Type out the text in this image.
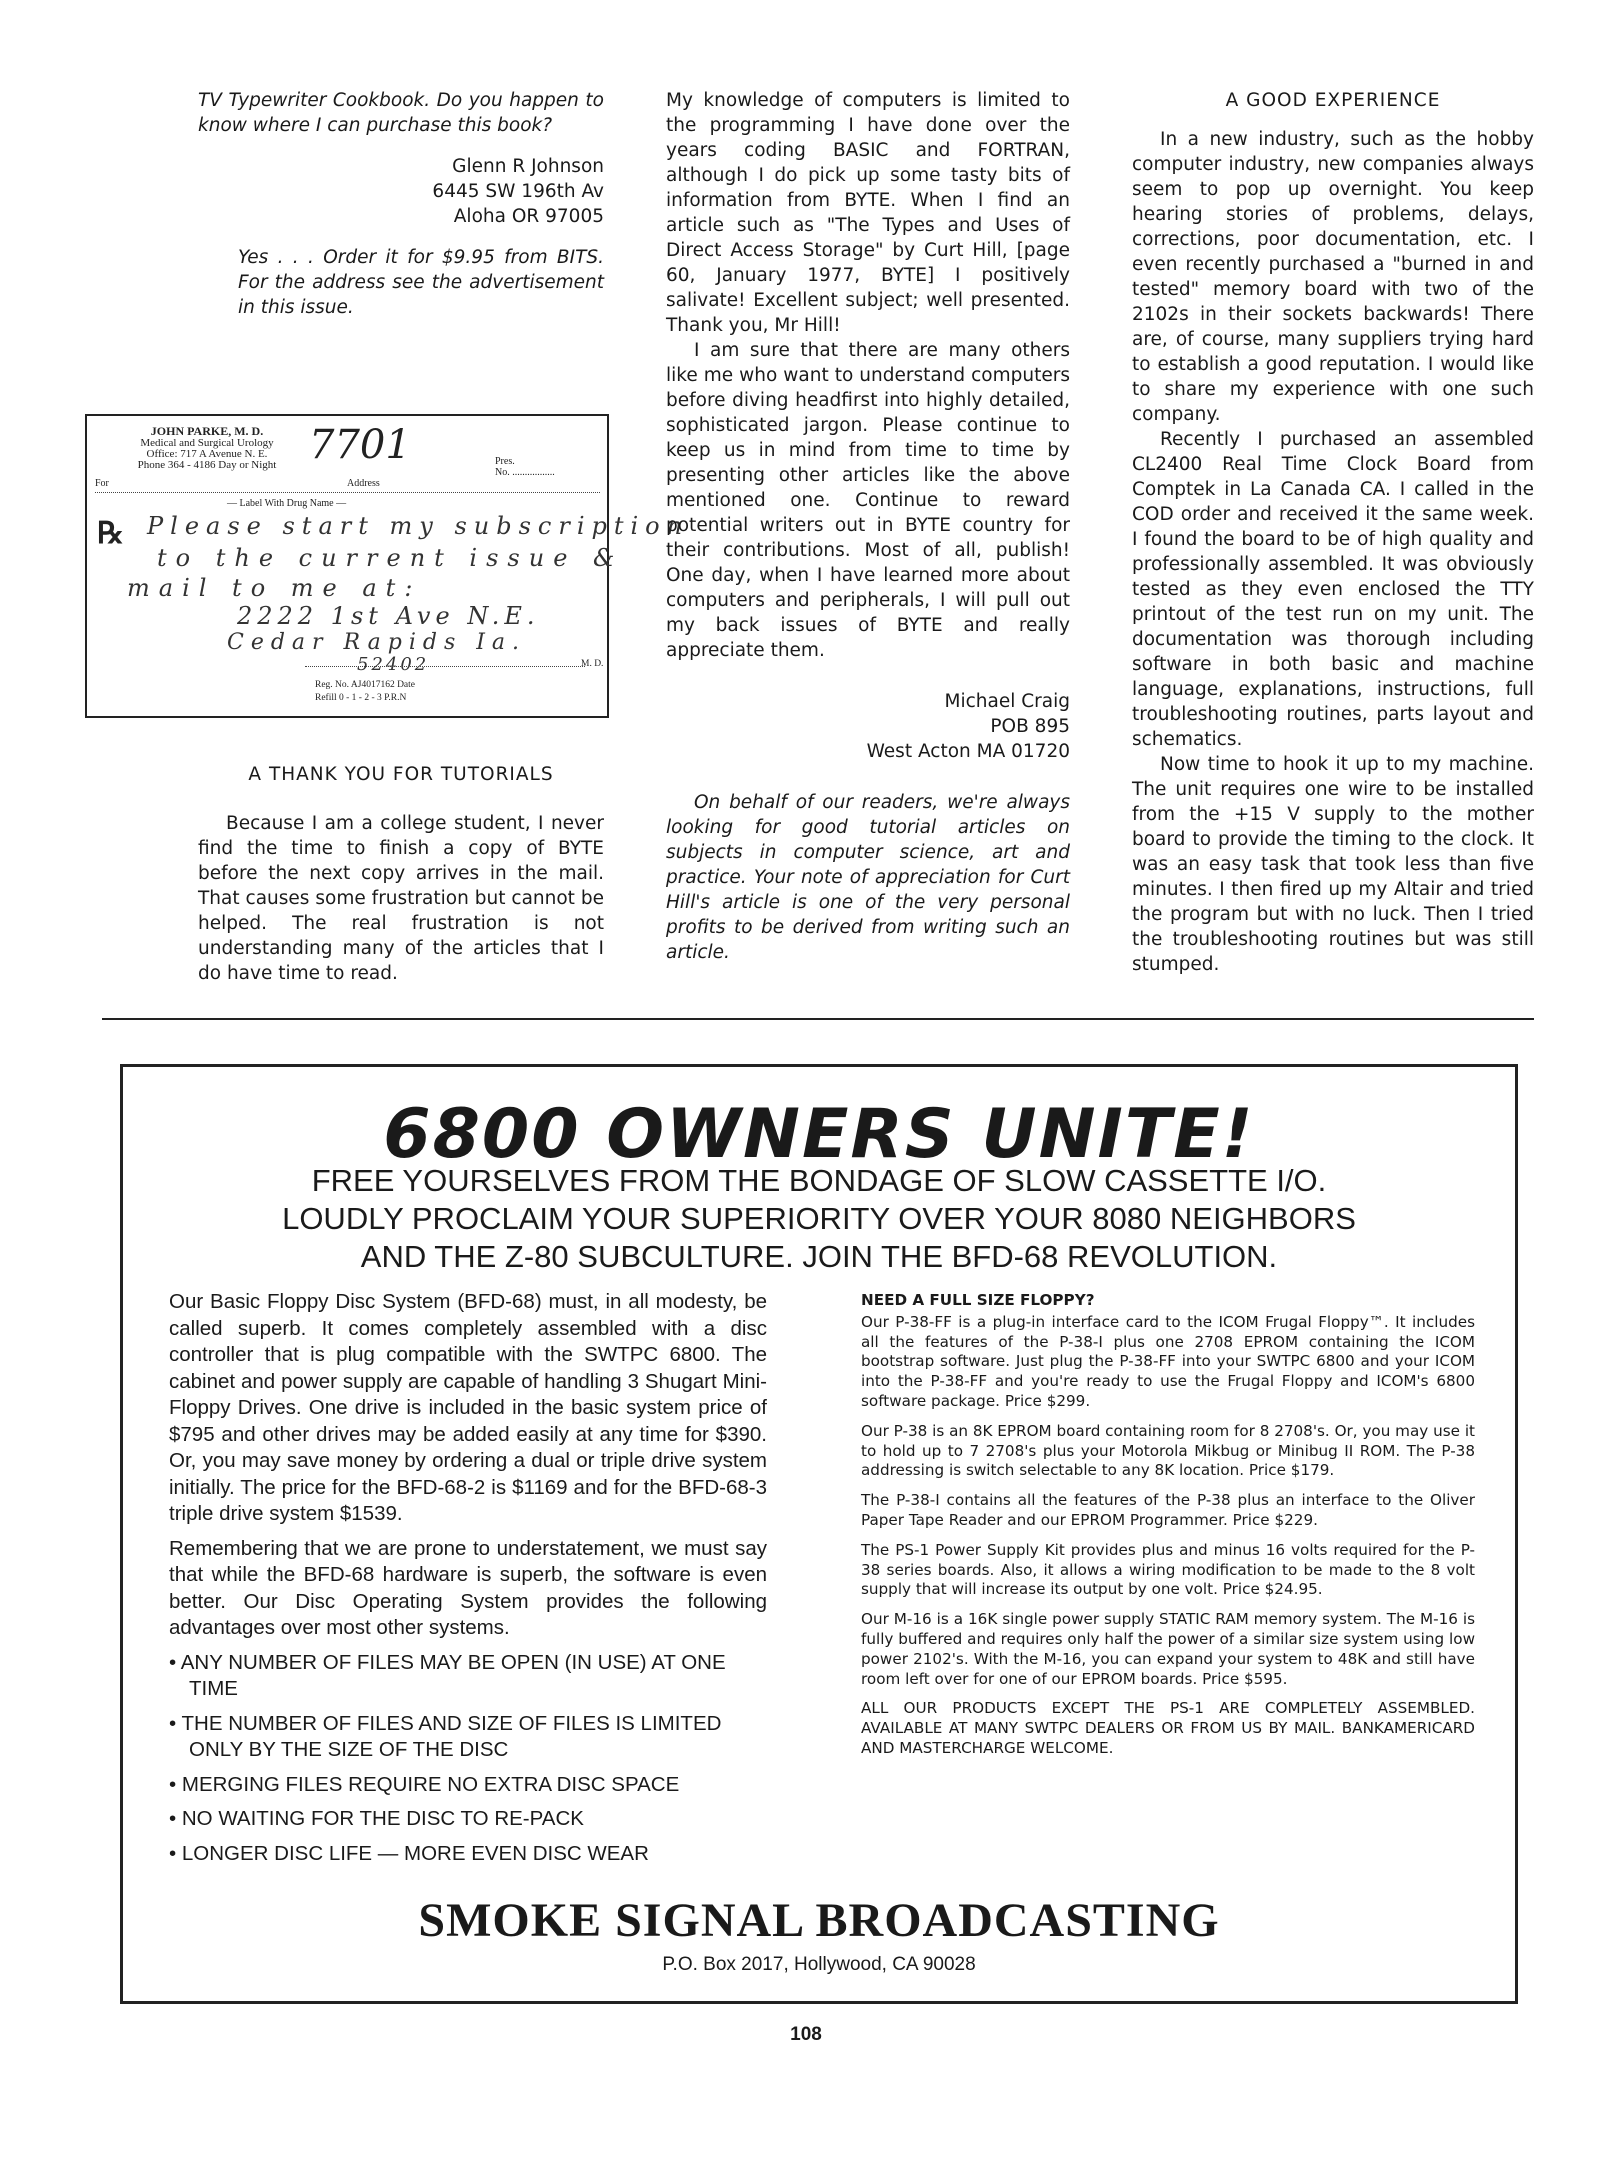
TV Typewriter Cookbook. Do you happen to know where I can purchase this book?

Glenn R Johnson
6445 SW 196th Av
Aloha OR 97005

Yes . . . Order it for $9.95 from BITS. For the address see the advertisement in this issue.

JOHN PARKE, M. D.
Medical and Surgical Urology
Office: 717 A Avenue N. E.
Phone 364 - 4186 Day or Night 7701	Pres.
No. .................
For	Address
— Label With Drug Name —
℞ Please start my subscription
to the current issue &
mail to me at:
2222 1st Ave N.E.
Cedar Rapids Ia.
52402	M. D.
Reg. No. AJ4017162 Date
Refill 0 - 1 - 2 - 3 P.R.N

A THANK YOU FOR TUTORIALS

Because I am a college student, I never find the time to finish a copy of BYTE before the next copy arrives in the mail. That causes some frustration but cannot be helped. The real frustration is not understanding many of the articles that I do have time to read.

My knowledge of computers is limited to the programming I have done over the years coding BASIC and FORTRAN, although I do pick up some tasty bits of information from BYTE. When I find an article such as "The Types and Uses of Direct Access Storage" by Curt Hill, [page 60, January 1977, BYTE] I positively salivate! Excellent subject; well presented. Thank you, Mr Hill!

I am sure that there are many others like me who want to understand computers before diving headfirst into highly detailed, sophisticated jargon. Please continue to keep us in mind from time to time by presenting other articles like the above mentioned one. Continue to reward potential writers out in BYTE country for their contributions. Most of all, publish! One day, when I have learned more about computers and peripherals, I will pull out my back issues of BYTE and really appreciate them.

Michael Craig
POB 895
West Acton MA 01720

On behalf of our readers, we're always looking for good tutorial articles on subjects in computer science, art and practice. Your note of appreciation for Curt Hill's article is one of the very personal profits to be derived from writing such an article.

A GOOD EXPERIENCE

In a new industry, such as the hobby computer industry, new companies always seem to pop up overnight. You keep hearing stories of problems, delays, corrections, poor documentation, etc. I even recently purchased a "burned in and tested" memory board with two of the 2102s in their sockets backwards! There are, of course, many suppliers trying hard to establish a good reputation. I would like to share my experience with one such company.

Recently I purchased an assembled CL2400 Real Time Clock Board from Comptek in La Canada CA. I called in the COD order and received it the same week. I found the board to be of high quality and professionally assembled. It was obviously tested as they even enclosed the TTY printout of the test run on my unit. The documentation was thorough including software in both basic and machine language, explanations, instructions, full troubleshooting routines, parts layout and schematics.

Now time to hook it up to my machine. The unit requires one wire to be installed from the +15 V supply to the mother board to provide the timing to the clock. It was an easy task that took less than five minutes. I then fired up my Altair and tried the program but with no luck. Then I tried the troubleshooting routines but was still stumped.

6800 OWNERS UNITE!
FREE YOURSELVES FROM THE BONDAGE OF SLOW CASSETTE I/O.
LOUDLY PROCLAIM YOUR SUPERIORITY OVER YOUR 8080 NEIGHBORS
AND THE Z-80 SUBCULTURE. JOIN THE BFD-68 REVOLUTION.

Our Basic Floppy Disc System (BFD-68) must, in all modesty, be called superb. It comes completely assembled with a disc controller that is plug compatible with the SWTPC 6800. The cabinet and power supply are capable of handling 3 Shugart Mini-Floppy Drives. One drive is included in the basic system price of $795 and other drives may be added easily at any time for $390. Or, you may save money by ordering a dual or triple drive system initially. The price for the BFD-68-2 is $1169 and for the BFD-68-3 triple drive system $1539.

Remembering that we are prone to understatement, we must say that while the BFD-68 hardware is superb, the software is even better. Our Disc Operating System provides the following advantages over most other systems.

• ANY NUMBER OF FILES MAY BE OPEN (IN USE) AT ONE TIME

• THE NUMBER OF FILES AND SIZE OF FILES IS LIMITED ONLY BY THE SIZE OF THE DISC

• MERGING FILES REQUIRE NO EXTRA DISC SPACE

• NO WAITING FOR THE DISC TO RE-PACK

• LONGER DISC LIFE — MORE EVEN DISC WEAR

NEED A FULL SIZE FLOPPY?

Our P-38-FF is a plug-in interface card to the ICOM Frugal Floppy™. It includes all the features of the P-38-I plus one 2708 EPROM containing the ICOM bootstrap software. Just plug the P-38-FF into your SWTPC 6800 and your ICOM into the P-38-FF and you're ready to use the Frugal Floppy and ICOM's 6800 software package. Price $299.

Our P-38 is an 8K EPROM board containing room for 8 2708's. Or, you may use it to hold up to 7 2708's plus your Motorola Mikbug or Minibug II ROM. The P-38 addressing is switch selectable to any 8K location. Price $179.

The P-38-I contains all the features of the P-38 plus an interface to the Oliver Paper Tape Reader and our EPROM Programmer. Price $229.

The PS-1 Power Supply Kit provides plus and minus 16 volts required for the P-38 series boards. Also, it allows a wiring modification to be made to the 8 volt supply that will increase its output by one volt. Price $24.95.

Our M-16 is a 16K single power supply STATIC RAM memory system. The M-16 is fully buffered and requires only half the power of a similar size system using low power 2102's. With the M-16, you can expand your system to 48K and still have room left over for one of our EPROM boards. Price $595.

ALL OUR PRODUCTS EXCEPT THE PS-1 ARE COMPLETELY ASSEMBLED. AVAILABLE AT MANY SWTPC DEALERS OR FROM US BY MAIL. BANKAMERICARD AND MASTERCHARGE WELCOME.

SMOKE SIGNAL BROADCASTING
P.O. Box 2017, Hollywood, CA 90028
108
